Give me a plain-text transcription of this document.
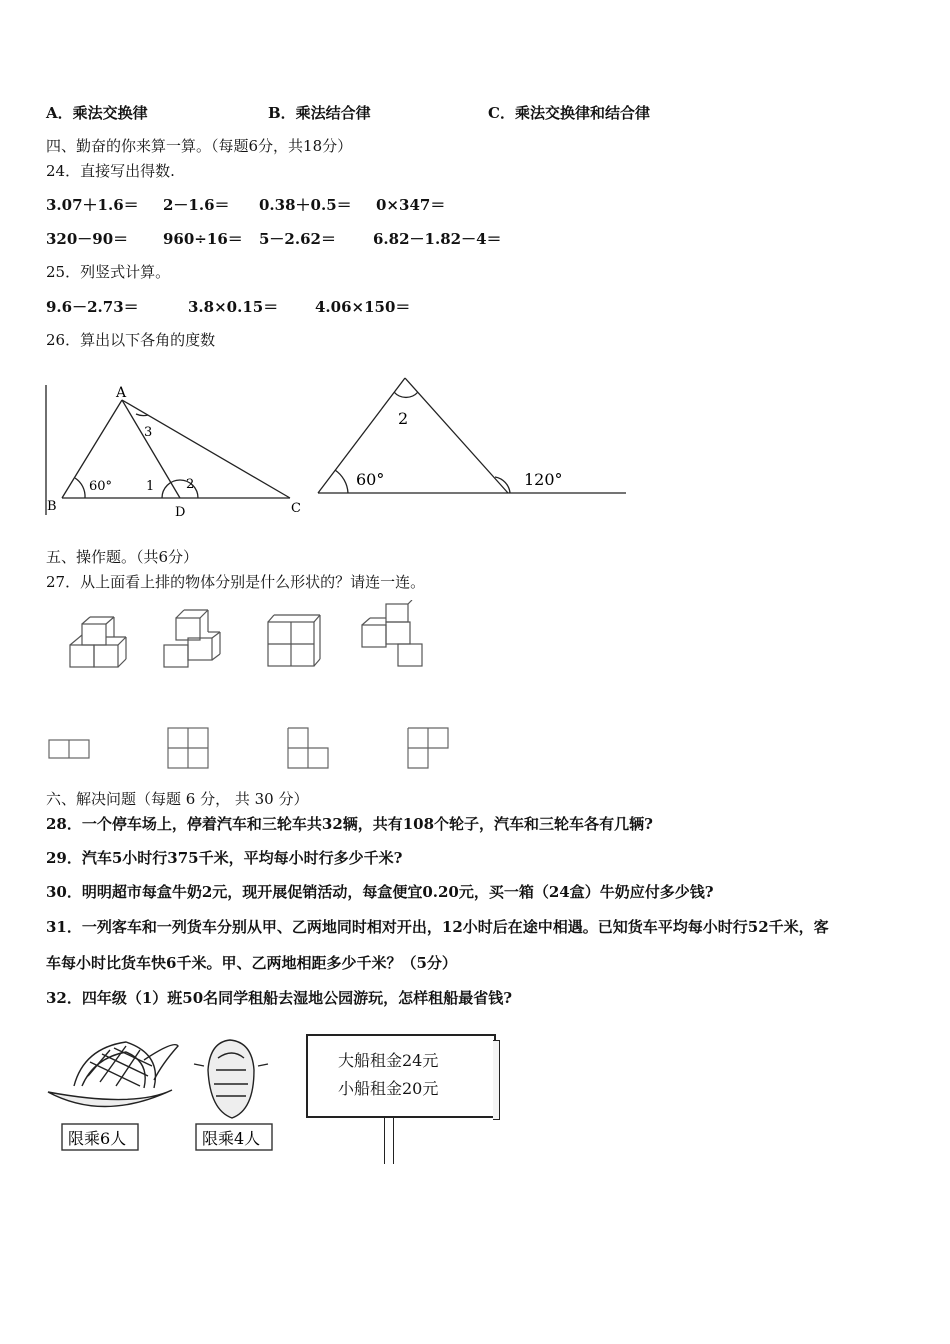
A．乘法交换律	B．乘法结合律	C．乘法交换律和结合律
四、勤奋的你来算一算。（每题6分，共18分）
24．直接写出得数.
3.07＋1.6＝ 2－1.6＝ 0.38＋0.5＝ 0×347＝
320－90＝ 960÷16＝ 5－2.62＝ 6.82－1.82－4＝
25．列竖式计算。
9.6－2.73＝	3.8×0.15＝ 4.06×150＝
26．算出以下各角的度数
A
B	C
D
60°	1 2
3
2
60°	120°
五、操作题。（共6分）
27．从上面看上排的物体分别是什么形状的？请连一连。
六、解决问题（每题 6 分， 共 30 分）
28．一个停车场上，停着汽车和三轮车共32辆，共有108个轮子，汽车和三轮车各有几辆?
29．汽车5小时行375千米，平均每小时行多少千米?
30．明明超市每盒牛奶2元，现开展促销活动，每盒便宜0.20元，买一箱（24盒）牛奶应付多少钱?
31．一列客车和一列货车分别从甲、乙两地同时相对开出，12小时后在途中相遇。已知货车平均每小时行52千米，客
车每小时比货车快6千米。甲、乙两地相距多少千米？（5分）
32．四年级（1）班50名同学租船去湿地公园游玩，怎样租船最省钱?
限乘6人	限乘4人
大船租金24元
小船租金20元
